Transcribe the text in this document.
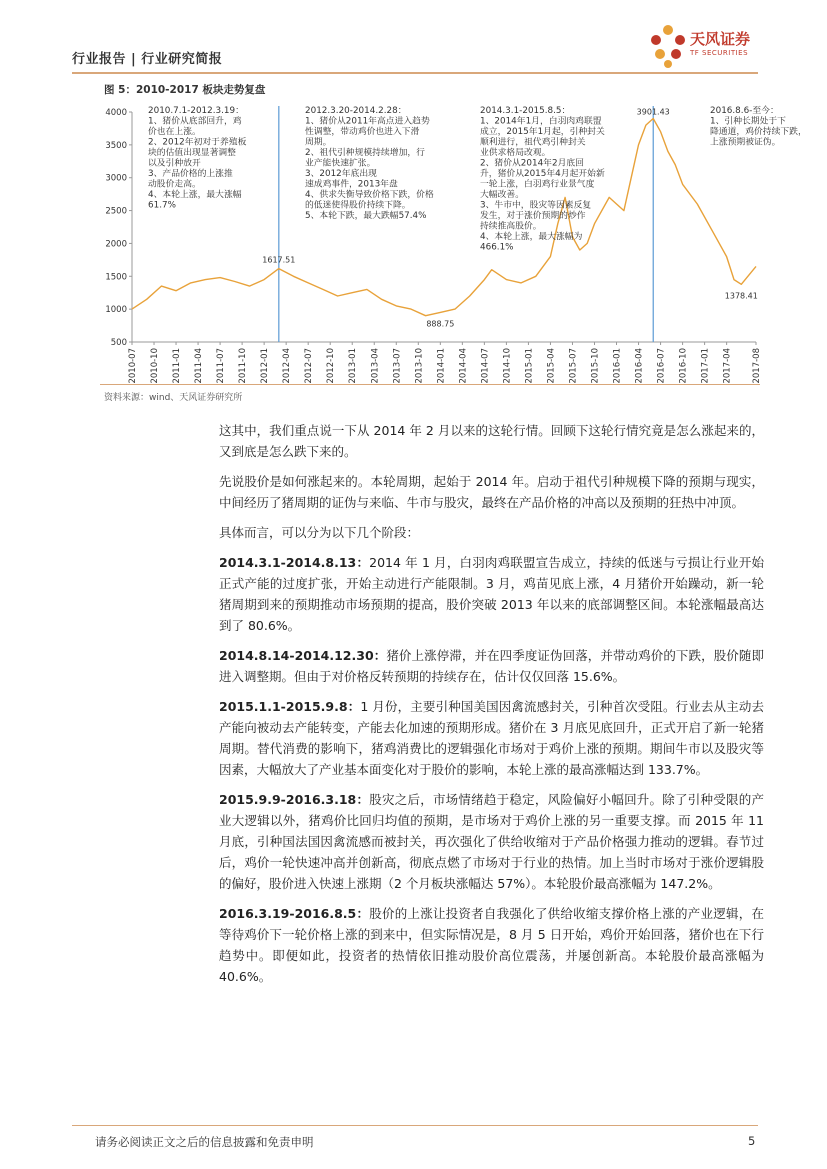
行业报告 | 行业研究简报
天风证券
TF SECURITIES
图 5：2010-2017 板块走势复盘
500
1000
1500
2000
2500
3000
3500
4000
2010-07 2010-10 2011-01 2011-04 2011-07 2011-10 2012-01 2012-04 2012-07 2012-10 2013-01 2013-04 2013-07 2013-10 2014-01 2014-04 2014-07 2014-10 2015-01 2015-04 2015-07 2015-10 2016-01 2016-04 2016-07 2016-10 2017-01 2017-04 2017-08
1617.51
888.75
3901.43
1378.41
2010.7.1-2012.3.19：
1、猪价从底部回升，鸡
价也在上涨。
2、2012年初对于养殖板
块的估值出现显著调整
以及引种放开
3、产品价格的上涨推
动股价走高。
4、本轮上涨，最大涨幅
61.7%
2012.3.20-2014.2.28：
1、猪价从2011年高点进入趋势
性调整，带动鸡价也进入下滑
周期。
2、祖代引种规模持续增加，行
业产能快速扩张。
3、2012年底出现
速成鸡事件，2013年盘
4、供求失衡导致价格下跌，价格
的低迷使得股价持续下降。
5、本轮下跌，最大跌幅57.4%
2014.3.1-2015.8.5：
1、2014年1月，白羽肉鸡联盟
成立，2015年1月起，引种封关
顺利进行，祖代鸡引种封关
业供求格局改观。
2、猪价从2014年2月底回
升，猪价从2015年4月起开始新
一轮上涨，白羽鸡行业景气度
大幅改善。
3、牛市中，股灾等因素反复
发生，对于涨价预期的炒作
持续推高股价。
4、本轮上涨，最大涨幅为
466.1%
2016.8.6-至今：
1、引种长期处于下
降通道，鸡价持续下跌，
上涨预期被证伪。
资料来源：wind、天风证券研究所

这其中，我们重点说一下从 2014 年 2 月以来的这轮行情。回顾下这轮行情究竟是怎么涨起来的，又到底是怎么跌下来的。

先说股价是如何涨起来的。本轮周期，起始于 2014 年。启动于祖代引种规模下降的预期与现实，中间经历了猪周期的证伪与来临、牛市与股灾，最终在产品价格的冲高以及预期的狂热中冲顶。

具体而言，可以分为以下几个阶段：

2014.3.1-2014.8.13：2014 年 1 月，白羽肉鸡联盟宣告成立，持续的低迷与亏损让行业开始正式产能的过度扩张，开始主动进行产能限制。3 月，鸡苗见底上涨，4 月猪价开始躁动，新一轮猪周期到来的预期推动市场预期的提高，股价突破 2013 年以来的底部调整区间。本轮涨幅最高达到了 80.6%。

2014.8.14-2014.12.30：猪价上涨停滞，并在四季度证伪回落，并带动鸡价的下跌，股价随即进入调整期。但由于对价格反转预期的持续存在，估计仅仅回落 15.6%。

2015.1.1-2015.9.8：1 月份，主要引种国美国因禽流感封关，引种首次受阻。行业去从主动去产能向被动去产能转变，产能去化加速的预期形成。猪价在 3 月底见底回升，正式开启了新一轮猪周期。替代消费的影响下，猪鸡消费比的逻辑强化市场对于鸡价上涨的预期。期间牛市以及股灾等因素，大幅放大了产业基本面变化对于股价的影响，本轮上涨的最高涨幅达到 133.7%。

2015.9.9-2016.3.18：股灾之后，市场情绪趋于稳定，风险偏好小幅回升。除了引种受限的产业大逻辑以外，猪鸡价比回归均值的预期，是市场对于鸡价上涨的另一重要支撑。而 2015 年 11 月底，引种国法国因禽流感而被封关，再次强化了供给收缩对于产品价格强力推动的逻辑。春节过后，鸡价一轮快速冲高并创新高，彻底点燃了市场对于行业的热情。加上当时市场对于涨价逻辑股的偏好，股价进入快速上涨期（2 个月板块涨幅达 57%）。本轮股价最高涨幅为 147.2%。

2016.3.19-2016.8.5：股价的上涨让投资者自我强化了供给收缩支撑价格上涨的产业逻辑，在等待鸡价下一轮价格上涨的到来中，但实际情况是，8 月 5 日开始，鸡价开始回落，猪价也在下行趋势中。即便如此，投资者的热情依旧推动股价高位震荡，并屡创新高。本轮股价最高涨幅为 40.6%。

请务必阅读正文之后的信息披露和免责申明	5
